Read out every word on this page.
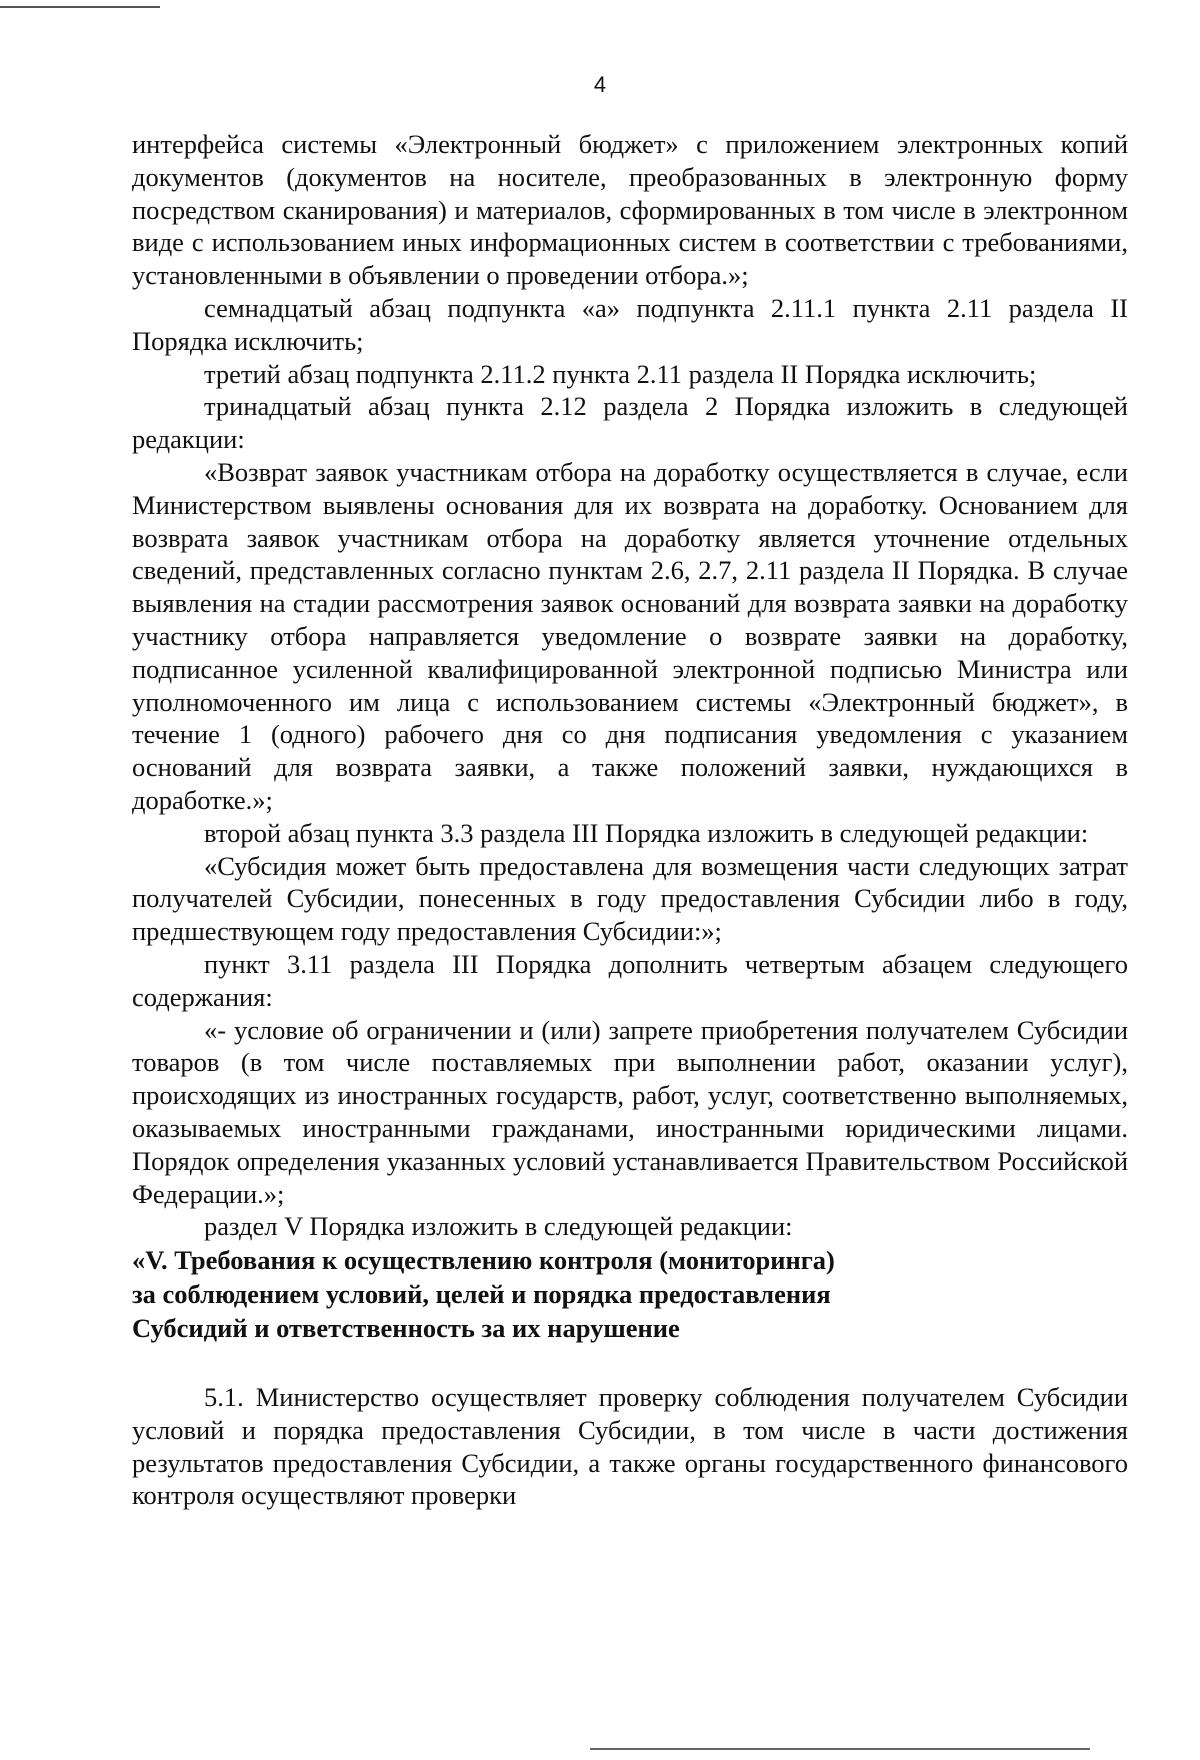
4

интерфейса системы «Электронный бюджет» с приложением электронных копий документов (документов на носителе, преобразованных в электронную форму посредством сканирования) и материалов, сформированных в том числе в электронном виде с использованием иных информационных систем в соответствии с требованиями, установленными в объявлении о проведении отбора.»;

семнадцатый абзац подпункта «а» подпункта 2.11.1 пункта 2.11 раздела II Порядка исключить;

третий абзац подпункта 2.11.2 пункта 2.11 раздела II Порядка исключить;

тринадцатый абзац пункта 2.12 раздела 2 Порядка изложить в следующей редакции:

«Возврат заявок участникам отбора на доработку осуществляется в случае, если Министерством выявлены основания для их возврата на доработку. Основанием для возврата заявок участникам отбора на доработку является уточнение отдельных сведений, представленных согласно пунктам 2.6, 2.7, 2.11 раздела II Порядка. В случае выявления на стадии рассмотрения заявок оснований для возврата заявки на доработку участнику отбора направляется уведомление о возврате заявки на доработку, подписанное усиленной квалифицированной электронной подписью Министра или уполномоченного им лица с использованием системы «Электронный бюджет», в течение 1 (одного) рабочего дня со дня подписания уведомления с указанием оснований для возврата заявки, а также положений заявки, нуждающихся в доработке.»;

второй абзац пункта 3.3 раздела III Порядка изложить в следующей редакции:

«Субсидия может быть предоставлена для возмещения части следующих затрат получателей Субсидии, понесенных в году предоставления Субсидии либо в году, предшествующем году предоставления Субсидии:»;

пункт 3.11 раздела III Порядка дополнить четвертым абзацем следующего содержания:

«- условие об ограничении и (или) запрете приобретения получателем Субсидии товаров (в том числе поставляемых при выполнении работ, оказании услуг), происходящих из иностранных государств, работ, услуг, соответственно выполняемых, оказываемых иностранными гражданами, иностранными юридическими лицами. Порядок определения указанных условий устанавливается Правительством Российской Федерации.»;

раздел V Порядка изложить в следующей редакции:

«V. Требования к осуществлению контроля (мониторинга)

за соблюдением условий, целей и порядка предоставления

Субсидий и ответственность за их нарушение

5.1. Министерство осуществляет проверку соблюдения получателем Субсидии условий и порядка предоставления Субсидии, в том числе в части достижения результатов предоставления Субсидии, а также органы государственного финансового контроля осуществляют проверки
